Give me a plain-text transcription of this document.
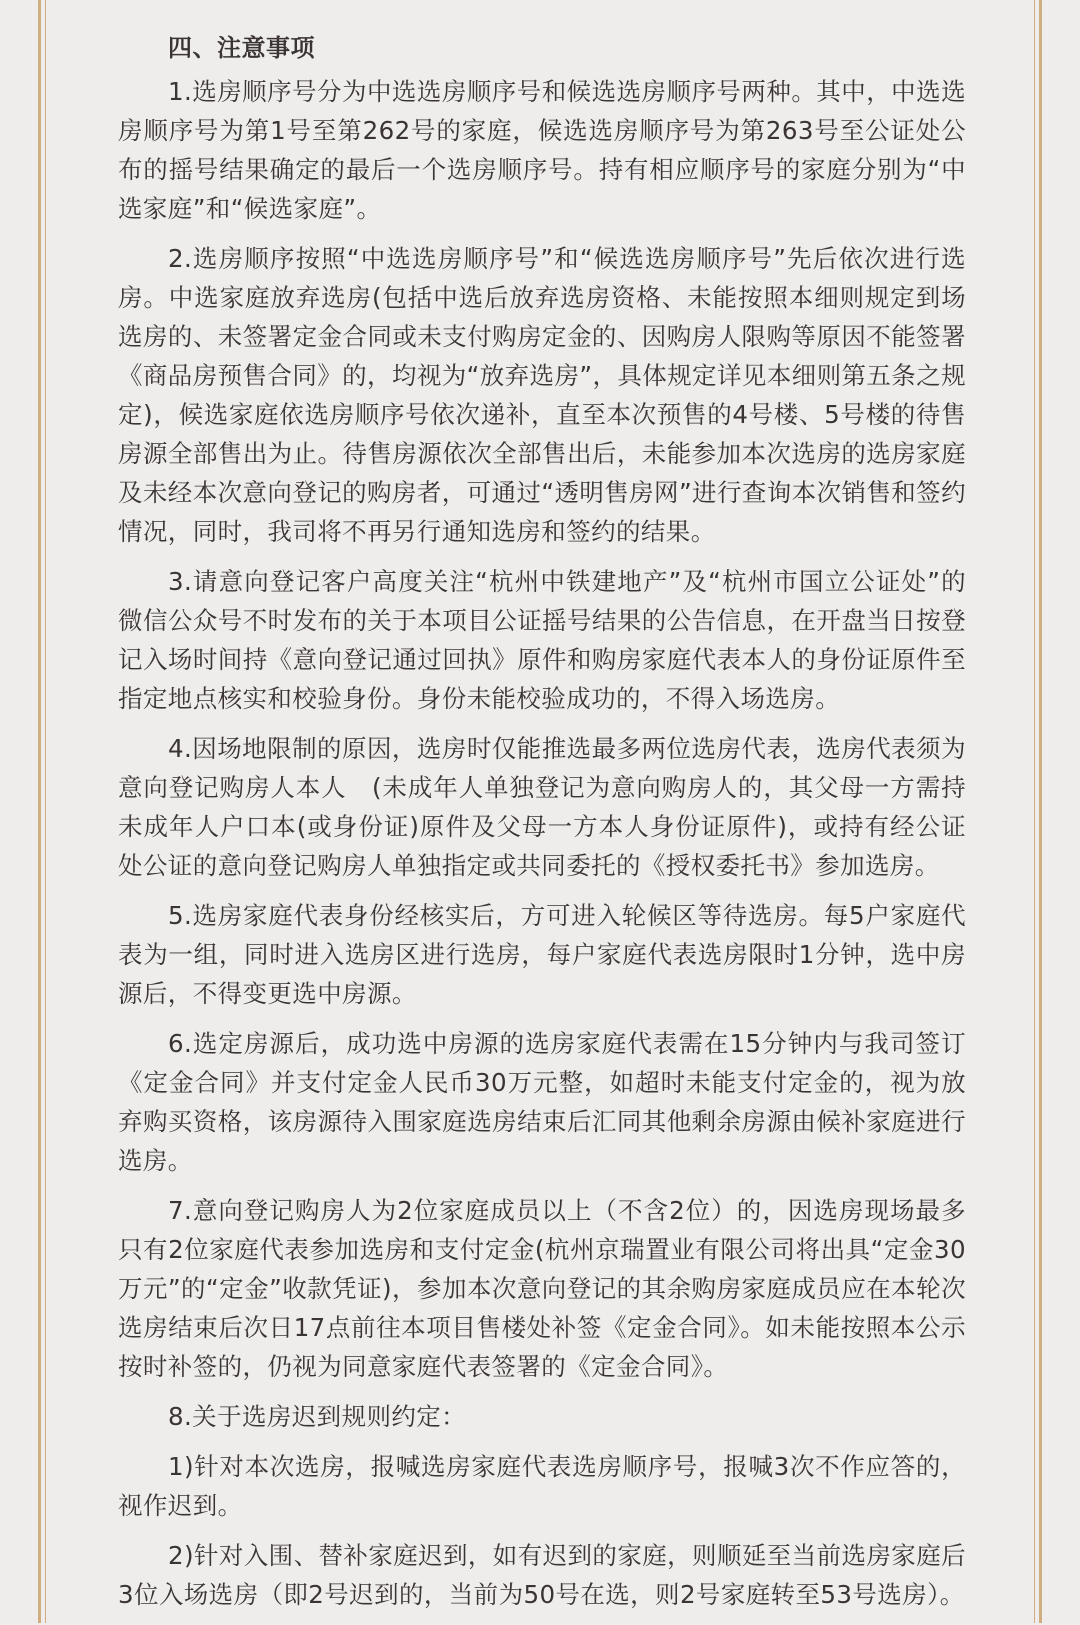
四、注意事项

1.选房顺序号分为中选选房顺序号和候选选房顺序号两种。其中，中选选房顺序号为第1号至第262号的家庭，候选选房顺序号为第263号至公证处公布的摇号结果确定的最后一个选房顺序号。持有相应顺序号的家庭分别为“中选家庭”和“候选家庭”。

2.选房顺序按照“中选选房顺序号”和“候选选房顺序号”先后依次进行选房。中选家庭放弃选房(包括中选后放弃选房资格、未能按照本细则规定到场选房的、未签署定金合同或未支付购房定金的、因购房人限购等原因不能签署《商品房预售合同》的，均视为“放弃选房”，具体规定详见本细则第五条之规定)，候选家庭依选房顺序号依次递补，直至本次预售的4号楼、5号楼的待售房源全部售出为止。待售房源依次全部售出后，未能参加本次选房的选房家庭及未经本次意向登记的购房者，可通过“透明售房网”进行查询本次销售和签约情况，同时，我司将不再另行通知选房和签约的结果。

3.请意向登记客户高度关注“杭州中铁建地产”及“杭州市国立公证处”的微信公众号不时发布的关于本项目公证摇号结果的公告信息，在开盘当日按登记入场时间持《意向登记通过回执》原件和购房家庭代表本人的身份证原件至指定地点核实和校验身份。身份未能校验成功的，不得入场选房。

4.因场地限制的原因，选房时仅能推选最多两位选房代表，选房代表须为意向登记购房人本人　(未成年人单独登记为意向购房人的，其父母一方需持未成年人户口本(或身份证)原件及父母一方本人身份证原件)，或持有经公证处公证的意向登记购房人单独指定或共同委托的《授权委托书》参加选房。

5.选房家庭代表身份经核实后，方可进入轮候区等待选房。每5户家庭代表为一组，同时进入选房区进行选房，每户家庭代表选房限时1分钟，选中房源后，不得变更选中房源。

6.选定房源后，成功选中房源的选房家庭代表需在15分钟内与我司签订《定金合同》并支付定金人民币30万元整，如超时未能支付定金的，视为放弃购买资格，该房源待入围家庭选房结束后汇同其他剩余房源由候补家庭进行选房。

7.意向登记购房人为2位家庭成员以上（不含2位）的，因选房现场最多只有2位家庭代表参加选房和支付定金(杭州京瑞置业有限公司将出具“定金30万元”的“定金”收款凭证)，参加本次意向登记的其余购房家庭成员应在本轮次选房结束后次日17点前往本项目售楼处补签《定金合同》。如未能按照本公示按时补签的，仍视为同意家庭代表签署的《定金合同》。

8.关于选房迟到规则约定：

1)针对本次选房，报喊选房家庭代表选房顺序号，报喊3次不作应答的，视作迟到。

2)针对入围、替补家庭迟到，如有迟到的家庭，则顺延至当前选房家庭后3位入场选房（即2号迟到的，当前为50号在选，则2号家庭转至53号选房）。
